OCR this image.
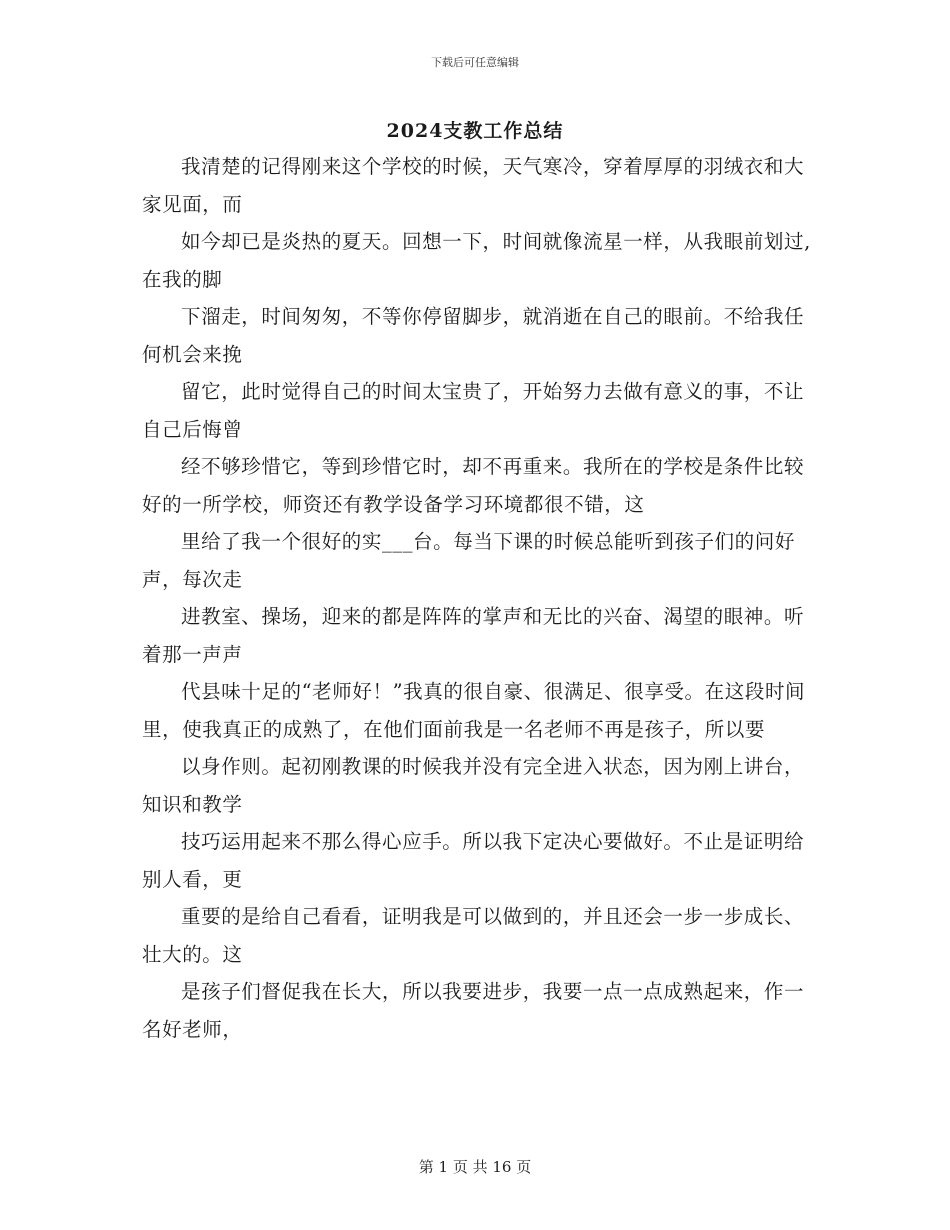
下载后可任意编辑
2024支教工作总结

我清楚的记得刚来这个学校的时候，天气寒冷，穿着厚厚的羽绒衣和大家见面，而

如今却已是炎热的夏天。回想一下，时间就像流星一样，从我眼前划过,在我的脚

下溜走，时间匆匆，不等你停留脚步，就消逝在自己的眼前。不给我任何机会来挽

留它，此时觉得自己的时间太宝贵了，开始努力去做有意义的事，不让自己后悔曾

经不够珍惜它，等到珍惜它时，却不再重来。我所在的学校是条件比较好的一所学校，师资还有教学设备学习环境都很不错，这

里给了我一个很好的实___台。每当下课的时候总能听到孩子们的问好声，每次走

进教室、操场，迎来的都是阵阵的掌声和无比的兴奋、渴望的眼神。听着那一声声

代县味十足的“老师好！”我真的很自豪、很满足、很享受。在这段时间里，使我真正的成熟了，在他们面前我是一名老师不再是孩子，所以要

以身作则。起初刚教课的时候我并没有完全进入状态，因为刚上讲台，知识和教学

技巧运用起来不那么得心应手。所以我下定决心要做好。不止是证明给别人看，更

重要的是给自己看看，证明我是可以做到的，并且还会一步一步成长、壮大的。这

是孩子们督促我在长大，所以我要进步，我要一点一点成熟起来，作一名好老师，

第 1 页 共 16 页
